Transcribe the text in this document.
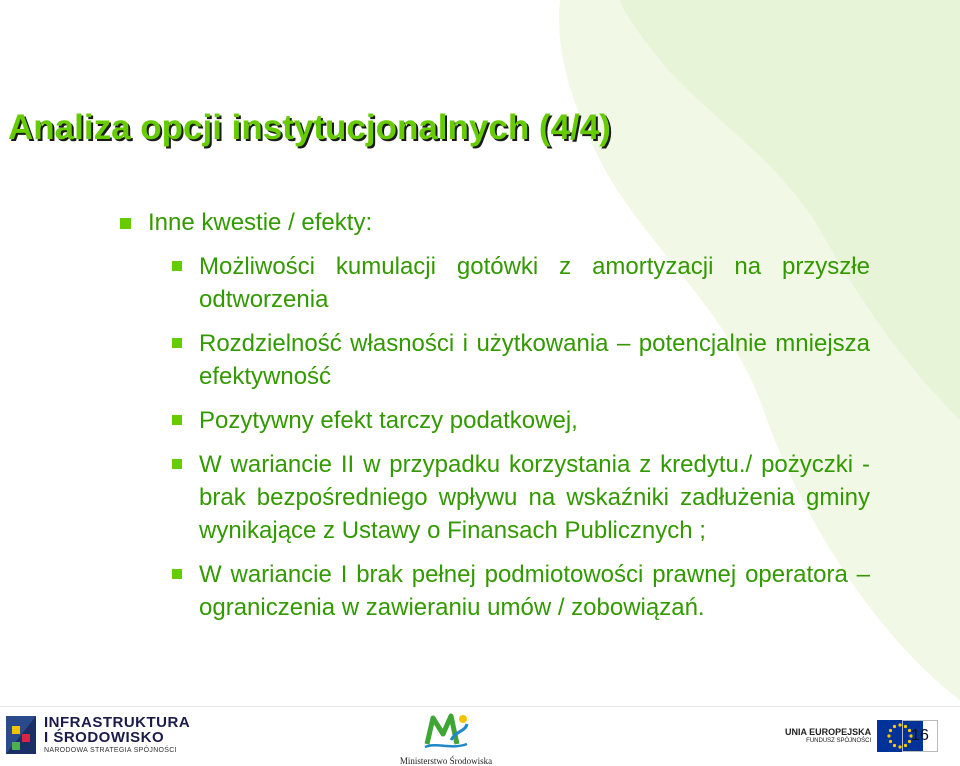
Analiza opcji instytucjonalnych (4/4)
Inne kwestie / efekty:
Możliwości kumulacji gotówki z amortyzacji na przyszłe odtworzenia
Rozdzielność własności i użytkowania – potencjalnie mniejsza efektywność
Pozytywny efekt tarczy podatkowej,
W wariancie II w przypadku korzystania z kredytu./ pożyczki - brak bezpośredniego wpływu na wskaźniki zadłużenia gminy wynikające z Ustawy o Finansach Publicznych ;
W wariancie I brak pełnej podmiotowości prawnej operatora – ograniczenia w zawieraniu umów / zobowiązań.
INFRASTRUKTURA
I ŚRODOWISKO
NARODOWA STRATEGIA SPÓJNOŚCI
Ministerstwo Środowiska
UNIA EUROPEJSKA
FUNDUSZ SPÓJNOŚCI	16
